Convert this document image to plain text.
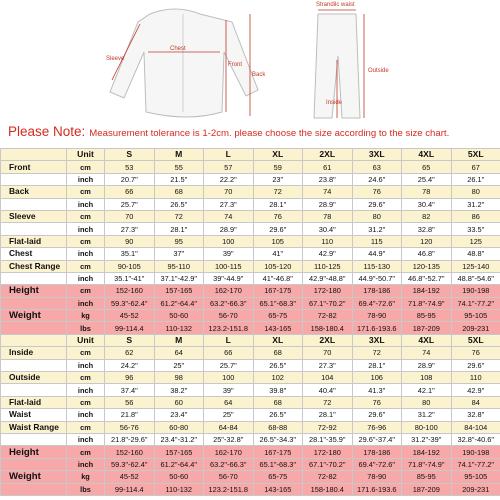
Chest
Sleeve
Front
Back
Strandilc waist
Outside
Inside
Please Note: Measurement tolerance is 1-2cm. please choose the size according to the size chart.
	Unit	S	M	L	XL	2XL	3XL	4XL	5XL
Front	cm	53	55	57	59	61	63	65	67
	inch	20.7"	21.5"	22.2"	23"	23.8"	24.6"	25.4"	26.1"
Back	cm	66	68	70	72	74	76	78	80
	inch	25.7"	26.5"	27.3"	28.1"	28.9"	29.6"	30.4"	31.2"
Sleeve	cm	70	72	74	76	78	80	82	86
	inch	27.3"	28.1"	28.9"	29.6"	30.4"	31.2"	32.8"	33.5"
Flat-laid	cm	90	95	100	105	110	115	120	125
Chest	inch	35.1"	37"	39"	41"	42.9"	44.9"	46.8"	48.8"
Chest Range	cm	90-105	95-110	100-115	105-120	110-125	115-130	120-135	125-140
	inch	35.1"-41"	37.1"-42.9"	39"-44.9"	41"-46.8"	42.9"-48.8"	44.9"-50.7"	46.8"-52.7"	48.8"-54.6"
Height	cm	152-160	157-165	162-170	167-175	172-180	178-186	184-192	190-198
	inch	59.3"-62.4"	61.2"-64.4"	63.2"-66.3"	65.1"-68.3"	67.1"-70.2"	69.4"-72.6"	71.8"-74.9"	74.1"-77.2"
Weight	kg	45-52	50-60	56-70	65-75	72-82	78-90	85-95	95-105
	lbs	99-114.4	110-132	123.2-151.8	143-165	158-180.4	171.6-193.6	187-209	209-231
	Unit	S	M	L	XL	2XL	3XL	4XL	5XL
Inside	cm	62	64	66	68	70	72	74	76
	inch	24.2"	25"	25.7"	26.5"	27.3"	28.1"	28.9"	29.6"
Outside	cm	96	98	100	102	104	106	108	110
	inch	37.4"	38.2"	39"	39.8"	40.4"	41.3"	42.1"	42.9"
Flat-laid	cm	56	60	64	68	72	76	80	84
Waist	inch	21.8"	23.4"	25"	26.5"	28.1"	29.6"	31.2"	32.8"
Waist Range	cm	56-76	60-80	64-84	68-88	72-92	76-96	80-100	84-104
	inch	21.8"-29.6"	23.4"-31.2"	25"-32.8"	26.5"-34.3"	28.1"-35.9"	29.6"-37.4"	31.2"-39"	32.8"-40.6"
Height	cm	152-160	157-165	162-170	167-175	172-180	178-186	184-192	190-198
	inch	59.3"-62.4"	61.2"-64.4"	63.2"-66.3"	65.1"-68.3"	67.1"-70.2"	69.4"-72.6"	71.8"-74.9"	74.1"-77.2"
Weight	kg	45-52	50-60	56-70	65-75	72-82	78-90	85-95	95-105
	lbs	99-114.4	110-132	123.2-151.8	143-165	158-180.4	171.6-193.6	187-209	209-231
